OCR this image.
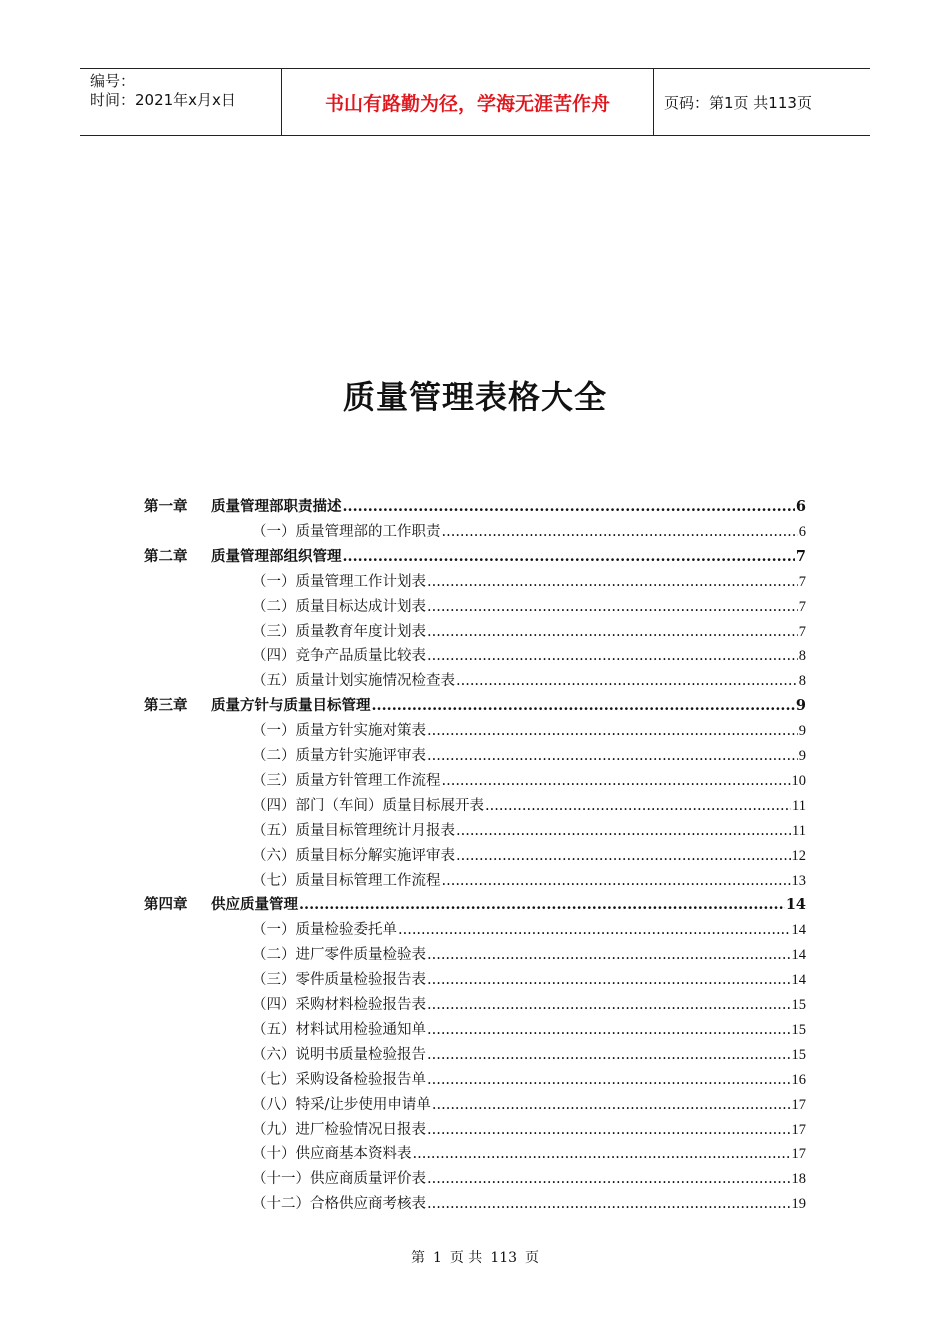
编号：
时间：2021年x月x日	书山有路勤为径，学海无涯苦作舟	页码：第1页 共113页
质量管理表格大全
第一章 质量管理部职责描述 .....	6
（一）质量管理部的工作职责 .....	6
第二章 质量管理部组织管理 .....	7
（一）质量管理工作计划表 .....	7
（二）质量目标达成计划表 .....	7
（三）质量教育年度计划表 .....	7
（四）竞争产品质量比较表 .....	8
（五）质量计划实施情况检查表 .....	8
第三章 质量方针与质量目标管理 .....	9
（一）质量方针实施对策表 .....	9
（二）质量方针实施评审表 .....	9
（三）质量方针管理工作流程 .....	10
（四）部门（车间）质量目标展开表 .....	11
（五）质量目标管理统计月报表 .....	11
（六）质量目标分解实施评审表 .....	12
（七）质量目标管理工作流程 .....	13
第四章 供应质量管理 .....	14
（一）质量检验委托单 .....	14
（二）进厂零件质量检验表 .....	14
（三）零件质量检验报告表 .....	14
（四）采购材料检验报告表 .....	15
（五）材料试用检验通知单 .....	15
（六）说明书质量检验报告 .....	15
（七）采购设备检验报告单 .....	16
（八）特采/让步使用申请单 .....	17
（九）进厂检验情况日报表 .....	17
（十）供应商基本资料表 .....	17
（十一）供应商质量评价表 .....	18
（十二）合格供应商考核表 .....	19
第 1 页 共 113 页
